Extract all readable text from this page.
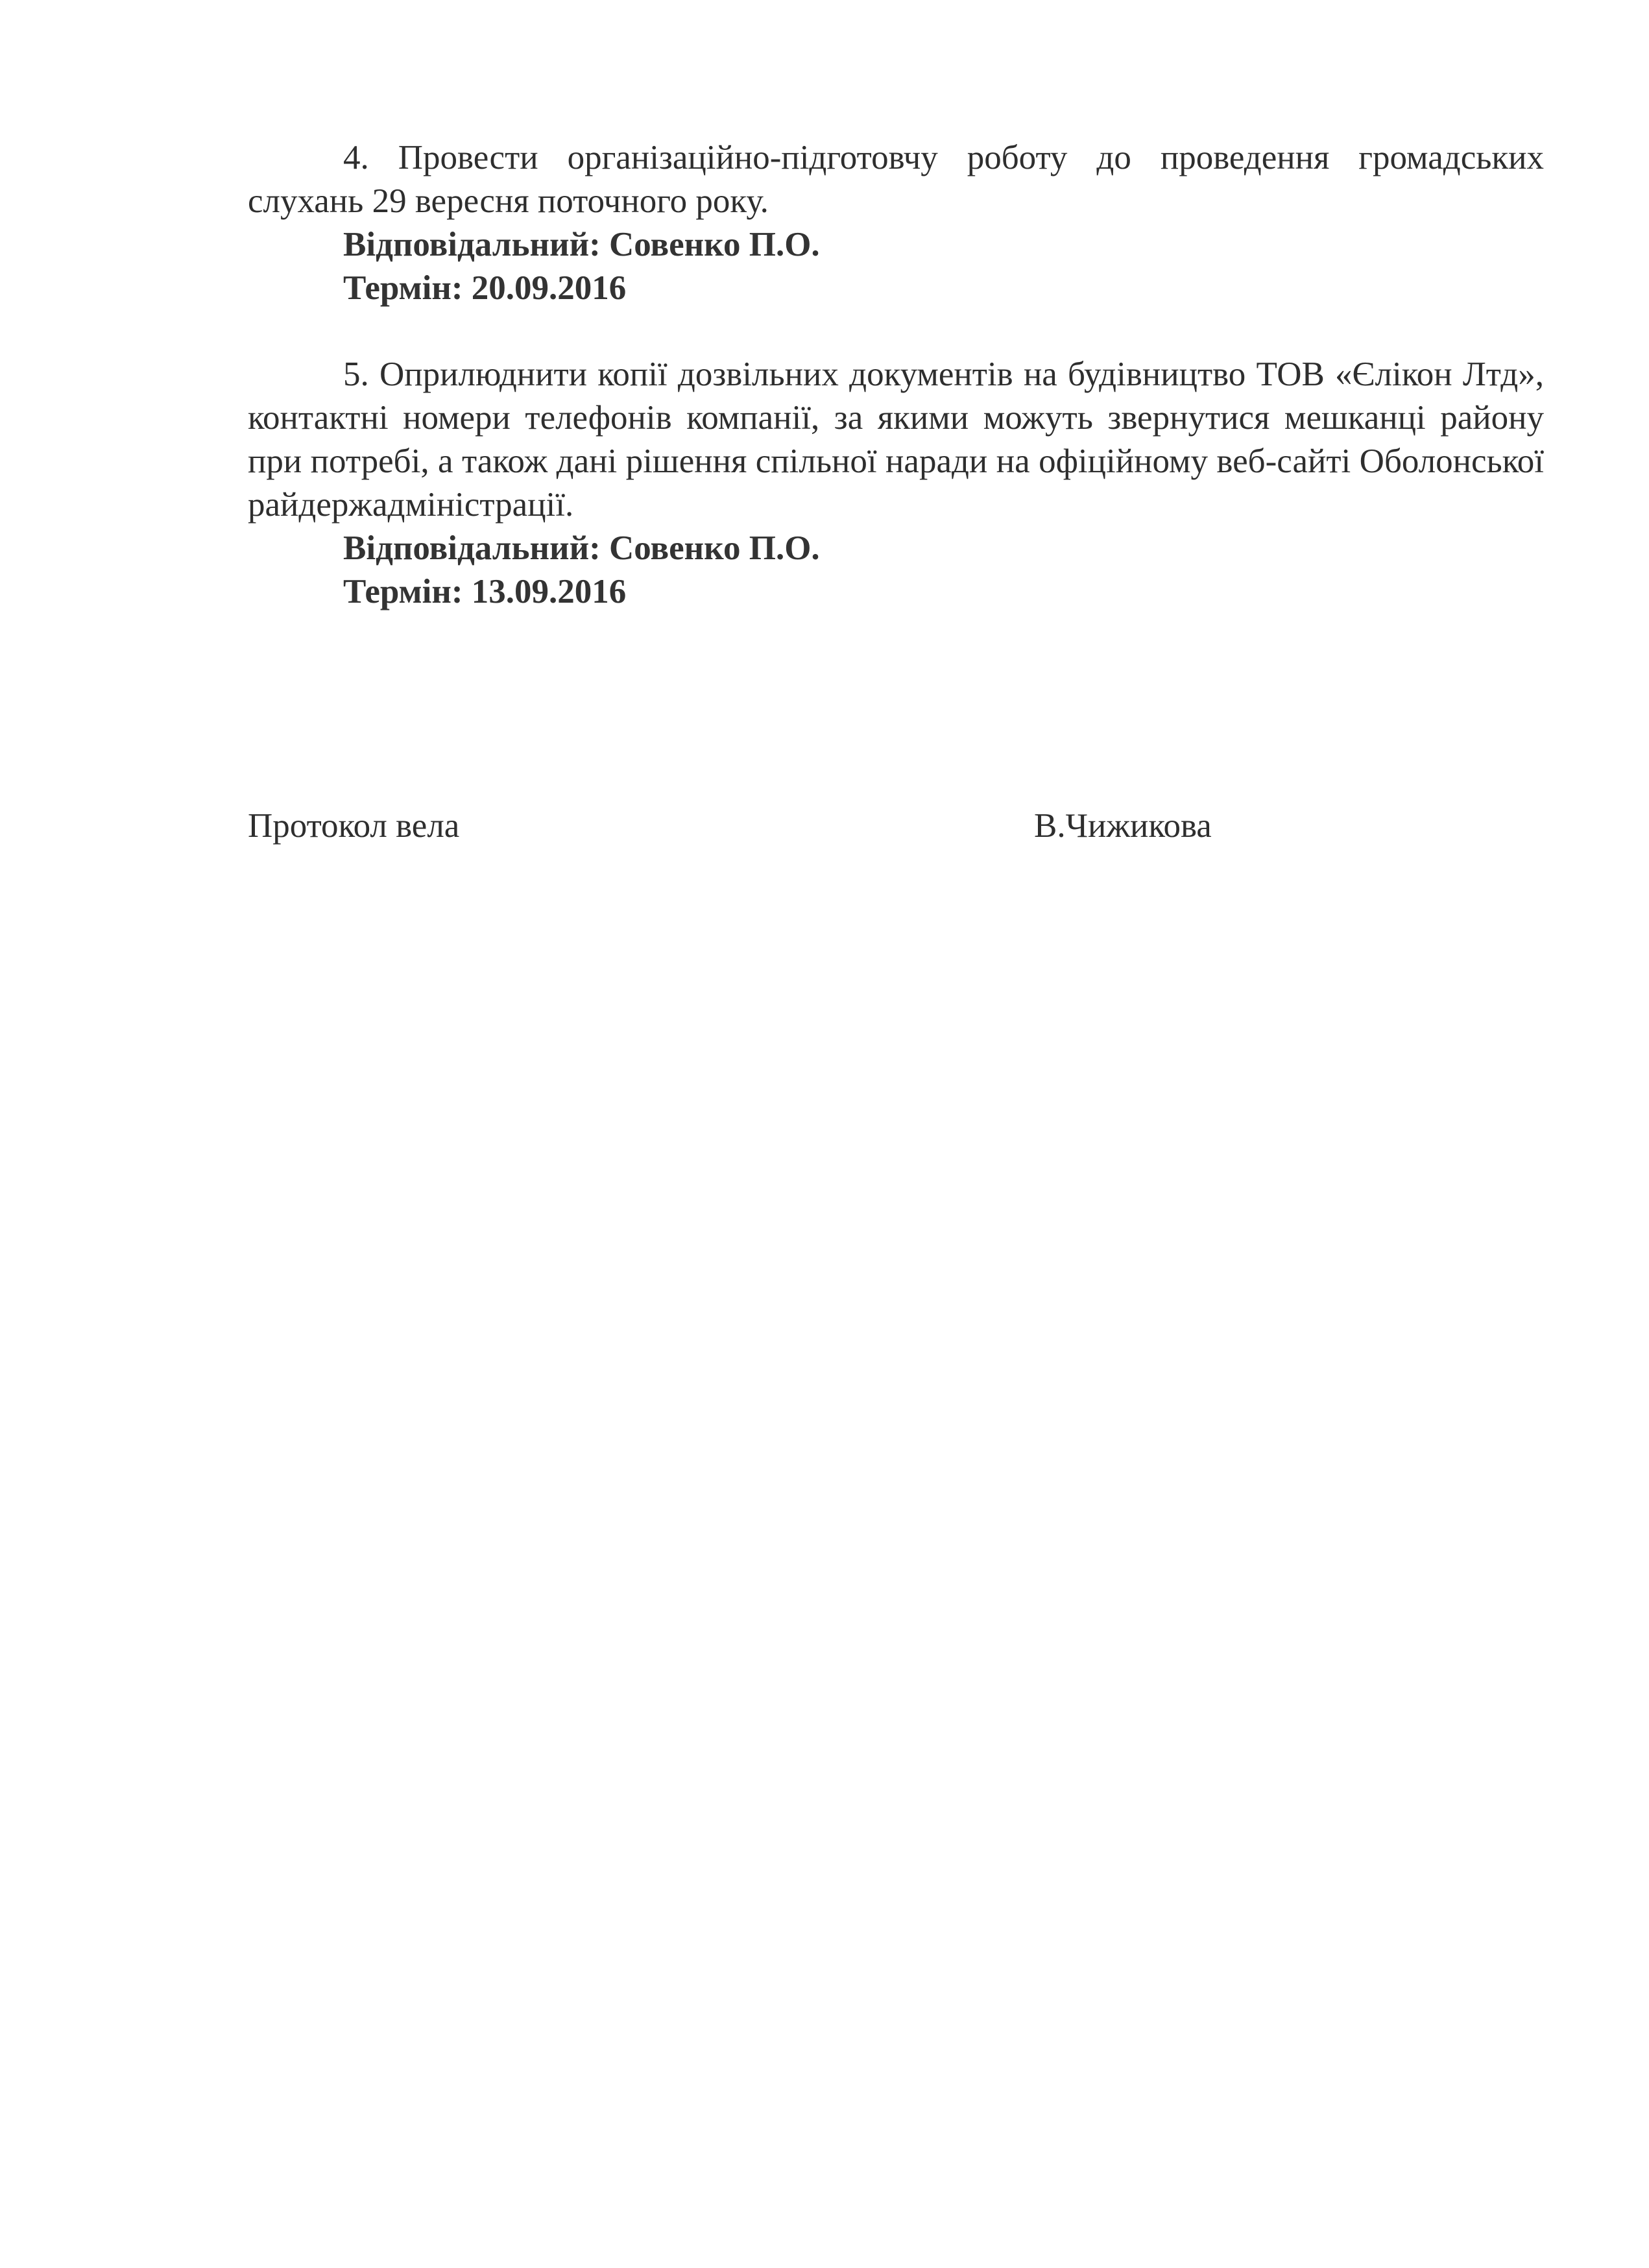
4. Провести організаційно-підготовчу роботу до проведення громадських слухань 29 вересня поточного року.

Відповідальний: Совенко П.О.

Термін: 20.09.2016

5. Оприлюднити копії дозвільних документів на будівництво ТОВ «Єлікон Лтд», контактні номери телефонів компанії, за якими можуть звернутися мешканці району при потребі, а також дані рішення спільної наради на офіційному веб-сайті Оболонської райдержадміністрації.

Відповідальний: Совенко П.О.

Термін: 13.09.2016

Протокол вела	В.Чижикова
